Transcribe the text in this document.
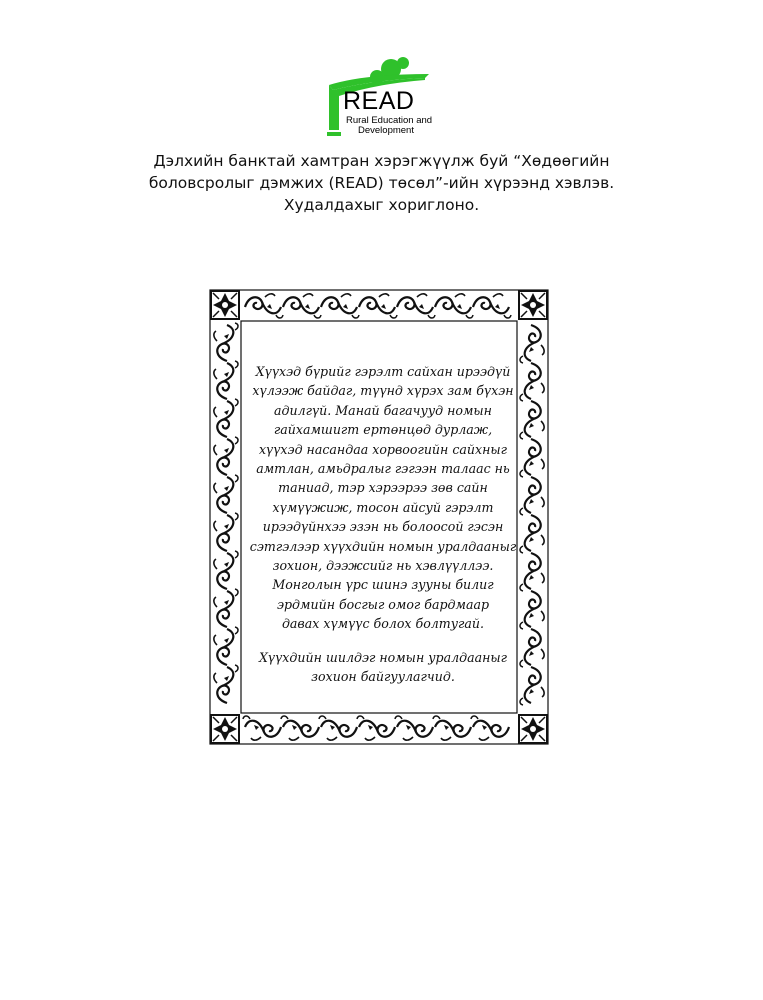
READ
Rural Education and
Development
Дэлхийн банктай хамтран хэрэгжүүлж буй “Хөдөөгийн
боловсролыг дэмжих (READ) төсөл”-ийн хүрээнд хэвлэв.
Худалдахыг хориглоно.
Хүүхэд бүрийг гэрэлт сайхан ирээдүй
хүлээж байдаг, түүнд хүрэх зам бүхэн
адилгүй. Манай багачууд номын
гайхамшигт ертөнцөд дурлаж,
хүүхэд насандаа хорвоогийн сайхныг
амтлан, амьдралыг гэгээн талаас нь
таниад, тэр хэрээрээ зөв сайн
хүмүүжиж, тосон айсуй гэрэлт
ирээдүйнхээ эзэн нь болоосой гэсэн
сэтгэлээр хүүхдийн номын уралдааныг
зохион, дээжсийг нь хэвлүүллээ.
Монголын үрс шинэ зууны билиг
эрдмийн босгыг омог бардмаар
давах хүмүүс болох болтугай.
Хүүхдийн шилдэг номын уралдааныг
зохион байгуулагчид.
